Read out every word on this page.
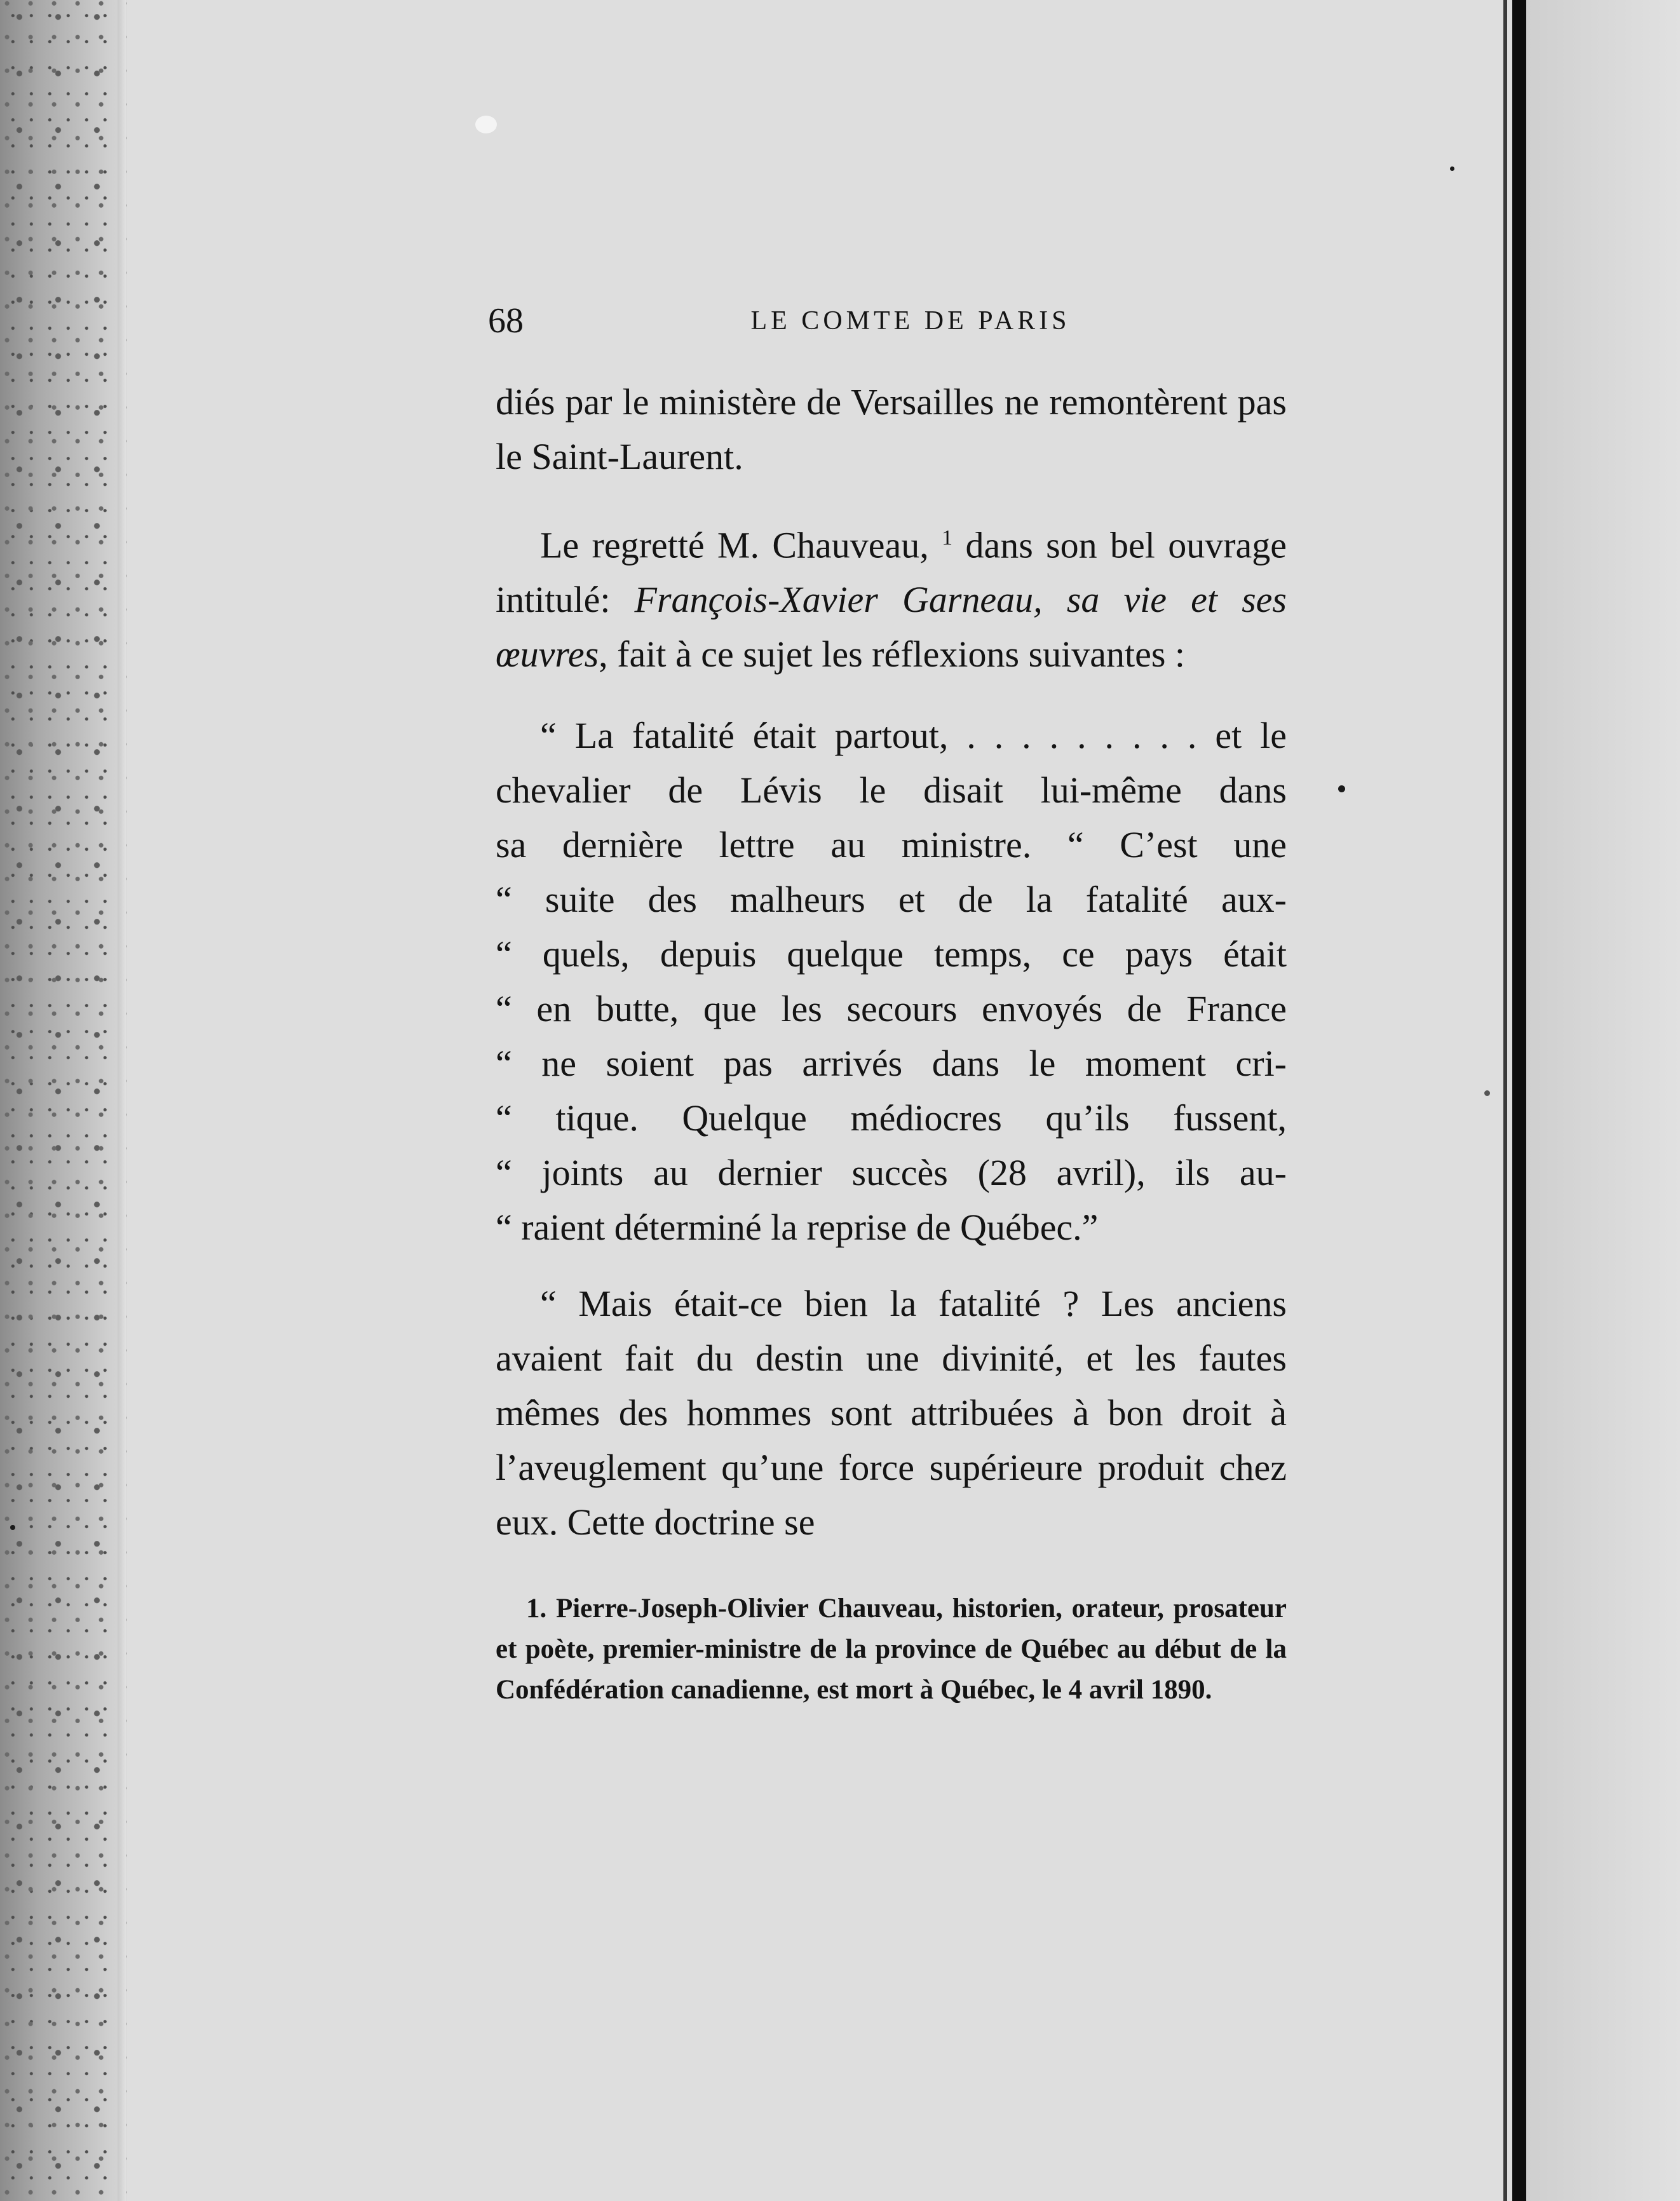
68	LE COMTE DE PARIS

diés par le ministère de Versailles ne remontèrent pas le Saint-Laurent.

Le regretté M. Chauveau, $^1$ dans son bel ouvrage intitulé: François-Xavier Garneau, sa vie et ses œuvres, fait à ce sujet les réflexions suivantes :

“ La fatalité était partout, . . . . . . . . . et le
chevalier de Lévis le disait lui-même dans
sa dernière lettre au ministre. “ C’est une
“ suite des malheurs et de la fatalité aux-
“ quels, depuis quelque temps, ce pays était
“ en butte, que les secours envoyés de France
“ ne soient pas arrivés dans le moment cri-
“ tique. Quelque médiocres qu’ils fussent,
“ joints au dernier succès (28 avril), ils au-
“ raient déterminé la reprise de Québec.”

“ Mais était-ce bien la fatalité ? Les anciens avaient fait du destin une divinité, et les fautes mêmes des hommes sont attribuées à bon droit à l’aveuglement qu’une force supérieure produit chez eux. Cette doctrine se

1. Pierre-Joseph-Olivier Chauveau, historien, orateur, prosateur et poète, premier-ministre de la province de Québec au début de la Confédération canadienne, est mort à Québec, le 4 avril 1890.
